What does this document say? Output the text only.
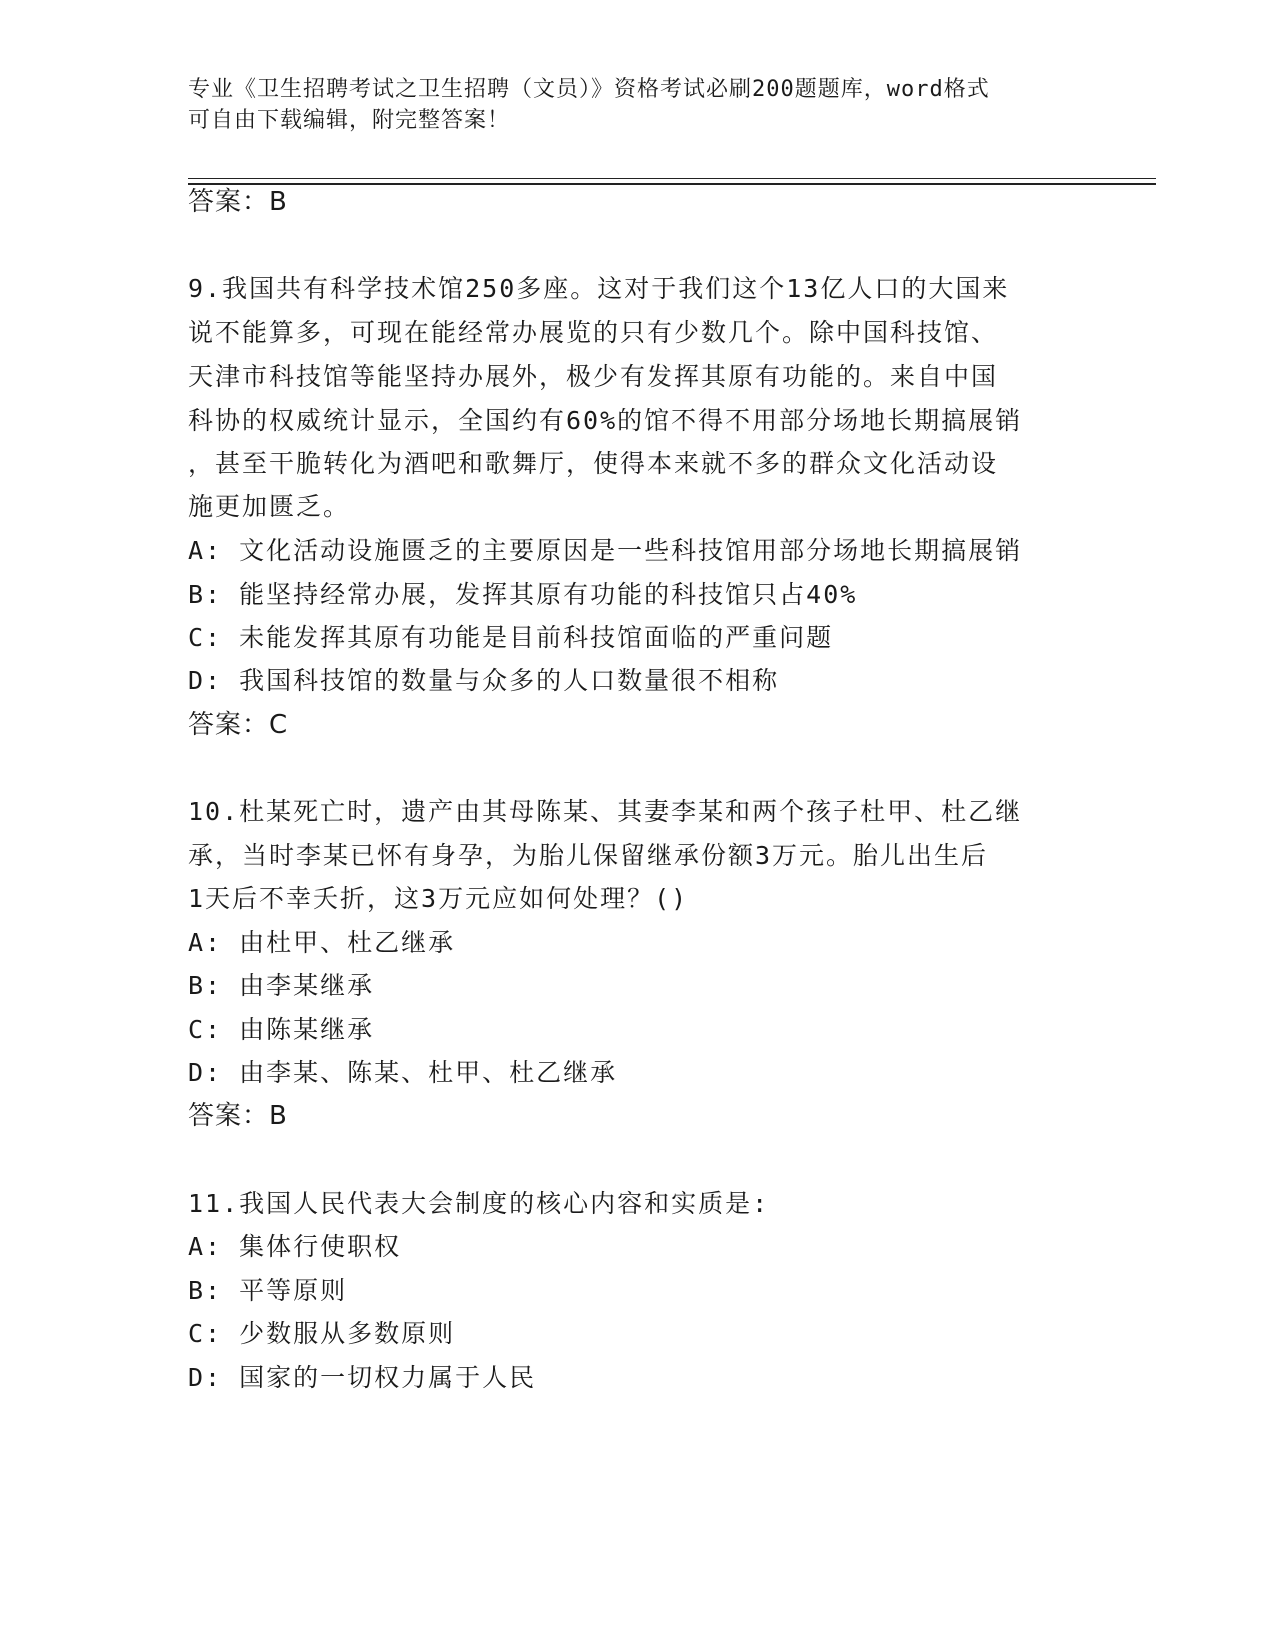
专业《卫生招聘考试之卫生招聘（文员）》资格考试必刷200题题库，word格式
可自由下载编辑，附完整答案！
答案：B
9.我国共有科学技术馆250多座。这对于我们这个13亿人口的大国来
说不能算多，可现在能经常办展览的只有少数几个。除中国科技馆、
天津市科技馆等能坚持办展外，极少有发挥其原有功能的。来自中国
科协的权威统计显示，全国约有60%的馆不得不用部分场地长期搞展销
，甚至干脆转化为酒吧和歌舞厅，使得本来就不多的群众文化活动设
施更加匮乏。
A: 文化活动设施匮乏的主要原因是一些科技馆用部分场地长期搞展销
B: 能坚持经常办展，发挥其原有功能的科技馆只占40%
C: 未能发挥其原有功能是目前科技馆面临的严重问题
D: 我国科技馆的数量与众多的人口数量很不相称
答案：C
10.杜某死亡时，遗产由其母陈某、其妻李某和两个孩子杜甲、杜乙继
承，当时李某已怀有身孕，为胎儿保留继承份额3万元。胎儿出生后
1天后不幸夭折，这3万元应如何处理？()
A: 由杜甲、杜乙继承
B: 由李某继承
C: 由陈某继承
D: 由李某、陈某、杜甲、杜乙继承
答案：B
11.我国人民代表大会制度的核心内容和实质是:
A: 集体行使职权
B: 平等原则
C: 少数服从多数原则
D: 国家的一切权力属于人民
